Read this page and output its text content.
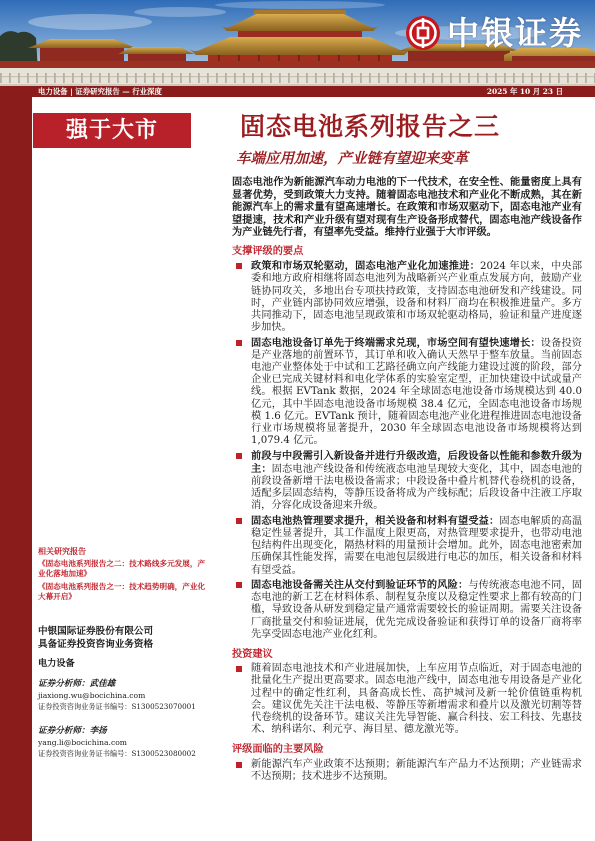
中银证券
电力设备 | 证券研究报告 — 行业深度	2025 年 10 月 23 日
强于大市
相关研究报告
《固态电池系列报告之二：技术路线多元发展，产业化落地加速》
《固态电池系列报告之一：技术趋势明确，产业化大幕开启》
中银国际证券股份有限公司
具备证券投资咨询业务资格
电力设备
证券分析师：武佳雄
jiaxiong.wu@bocichina.com
证券投资咨询业务证书编号：S1300523070001
证券分析师：李扬
yang.li@bocichina.com
证券投资咨询业务证书编号：S1300523080002
固态电池系列报告之三
车端应用加速，产业链有望迎来变革
固态电池作为新能源汽车动力电池的下一代技术，在安全性、能量密度上具有显著优势，受到政策大力支持。随着固态电池技术和产业化不断成熟，其在新能源汽车上的需求量有望高速增长。在政策和市场双驱动下，固态电池产业有望提速，技术和产业升级有望对现有生产设备形成替代，固态电池产线设备作为产业链先行者，有望率先受益。维持行业强于大市评级。
支撑评级的要点
政策和市场双轮驱动，固态电池产业化加速推进：2024 年以来，中央部委和地方政府相继将固态电池列为战略新兴产业重点发展方向，鼓励产业链协同攻关，多地出台专项扶持政策，支持固态电池研发和产线建设。同时，产业链内部协同效应增强，设备和材料厂商均在积极推进量产。多方共同推动下，固态电池呈现政策和市场双轮驱动格局，验证和量产进度逐步加快。
固态电池设备订单先于终端需求兑现，市场空间有望快速增长：设备投资是产业落地的前置环节，其订单和收入确认天然早于整车放量。当前固态电池产业整体处于中试和工艺路径确立向产线能力建设过渡的阶段，部分企业已完成关键材料和电化学体系的实验室定型，正加快建设中试或量产线。根据 EVTank 数据，2024 年全球固态电池设备市场规模达到 40.0 亿元，其中半固态电池设备市场规模 38.4 亿元，全固态电池设备市场规模 1.6 亿元。EVTank 预计，随着固态电池产业化进程推进固态电池设备行业市场规模将显著提升，2030 年全球固态电池设备市场规模将达到 1,079.4 亿元。
前段与中段需引入新设备并进行升级改造，后段设备以性能和参数升级为主：固态电池产线设备和传统液态电池呈现较大变化，其中，固态电池的前段设备新增干法电极设备需求；中段设备中叠片机替代卷绕机的设备，适配多层固态结构，等静压设备将成为产线标配；后段设备中注液工序取消，分容化成设备迎来升级。
固态电池热管理要求提升，相关设备和材料有望受益：固态电解质的高温稳定性显著提升，其工作温度上限更高，对热管理要求提升，也带动电池包结构件出现变化，隔热材料的用量预计会增加。此外，固态电池密索加压确保其性能发挥，需要在电池包层级进行电芯的加压，相关设备和材料有望受益。
固态电池设备需关注从交付到验证环节的风险：与传统液态电池不同，固态电池的新工艺在材料体系、制程复杂度以及稳定性要求上都有较高的门槛，导致设备从研发到稳定量产通常需要较长的验证周期。需要关注设备厂商批量交付和验证进展，优先完成设备验证和获得订单的设备厂商将率先享受固态电池产业化红利。
投资建议
随着固态电池技术和产业进展加快，上车应用节点临近，对于固态电池的批量化生产提出更高要求。固态电池产线中，固态电池专用设备是产业化过程中的确定性红利，具备高成长性、高护城河及新一轮价值链重构机会。建议优先关注干法电极、等静压等新增需求和叠片以及激光切割等替代卷绕机的设备环节。建议关注先导智能、赢合科技、宏工科技、先惠技术、纳科诺尔、利元亨、海目星、德龙激光等。
评级面临的主要风险
新能源汽车产业政策不达预期；新能源汽车产品力不达预期；产业链需求不达预期；技术进步不达预期。
